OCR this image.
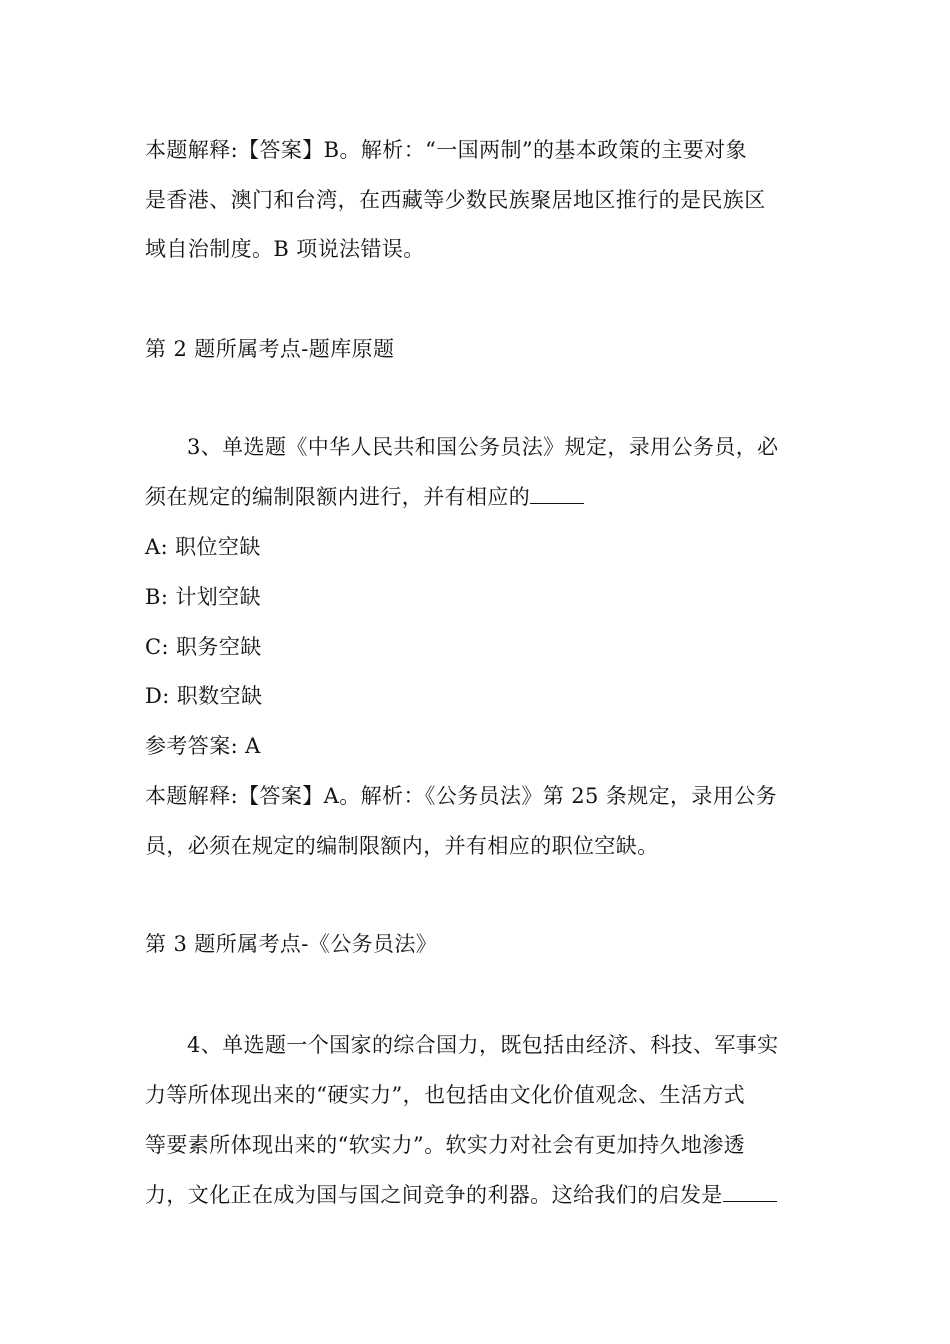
本题解释:【答案】B。解析：“一国两制”的基本政策的主要对象
是香港、澳门和台湾，在西藏等少数民族聚居地区推行的是民族区
域自治制度。B 项说法错误。
第 2 题所属考点-题库原题
3、单选题《中华人民共和国公务员法》规定，录用公务员，必
须在规定的编制限额内进行，并有相应的
A: 职位空缺
B: 计划空缺
C: 职务空缺
D: 职数空缺
参考答案: A
本题解释:【答案】A。解析：《公务员法》第 25 条规定，录用公务
员，必须在规定的编制限额内，并有相应的职位空缺。
第 3 题所属考点-《公务员法》
4、单选题一个国家的综合国力，既包括由经济、科技、军事实
力等所体现出来的“硬实力”，也包括由文化价值观念、生活方式
等要素所体现出来的“软实力”。软实力对社会有更加持久地渗透
力，文化正在成为国与国之间竞争的利器。这给我们的启发是
